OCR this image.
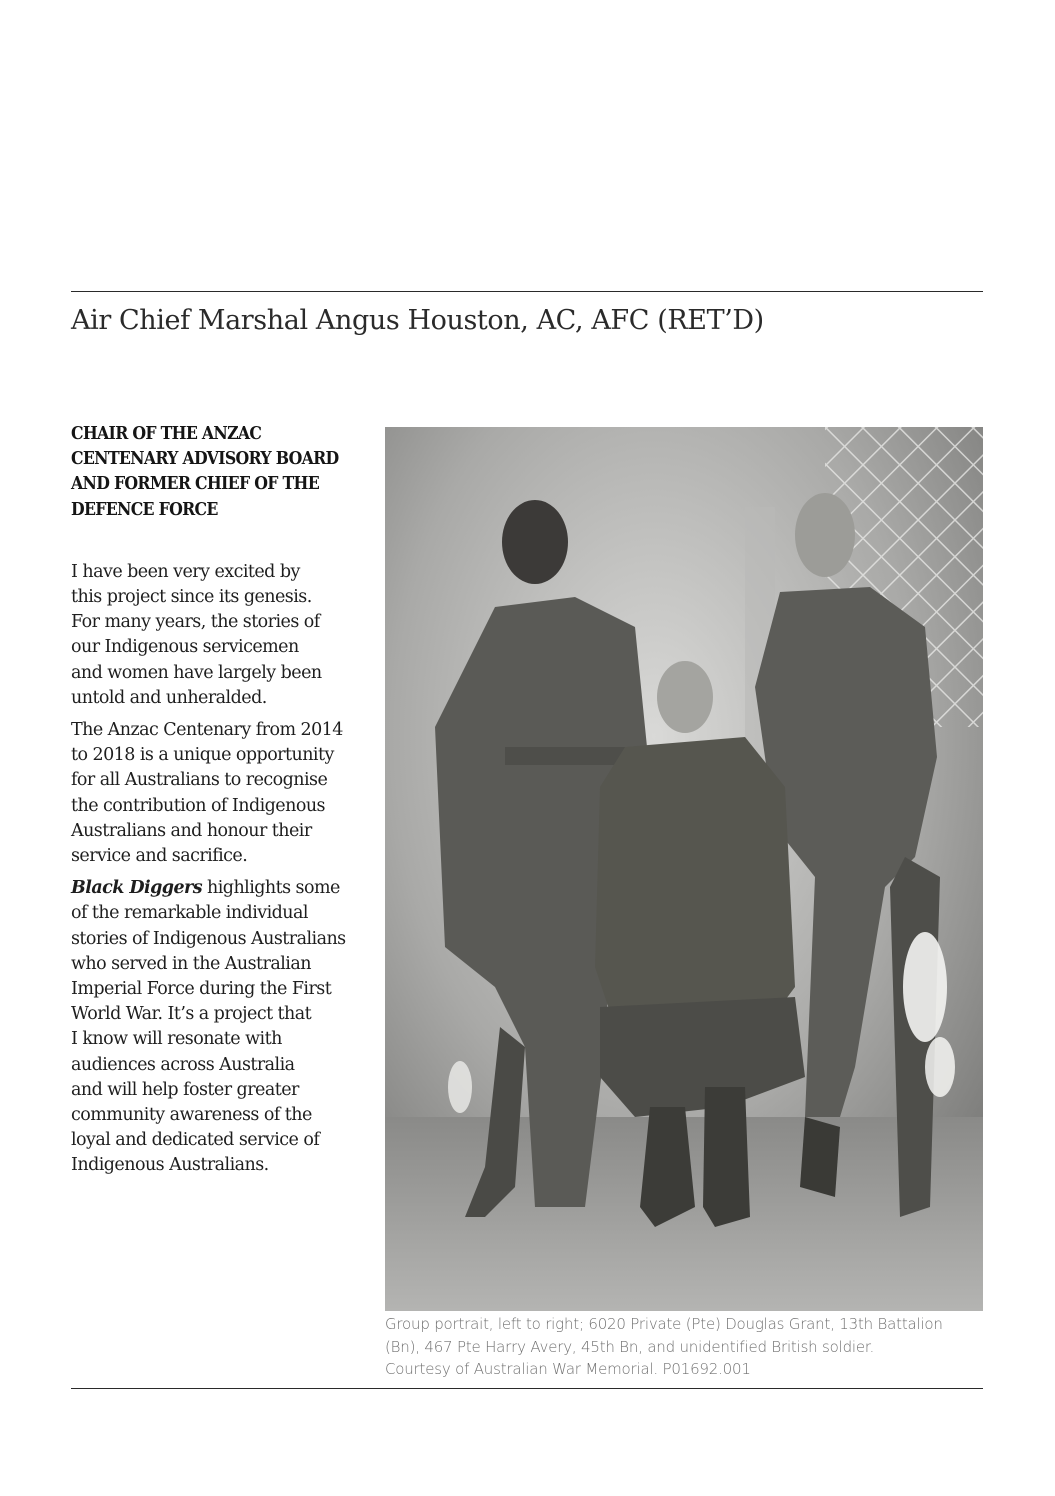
Air Chief Marshal Angus Houston, AC, AFC (RET’D)
CHAIR OF THE ANZAC
CENTENARY ADVISORY BOARD
AND FORMER CHIEF OF THE
DEFENCE FORCE

I have been very excited by
this project since its genesis.
For many years, the stories of
our Indigenous servicemen
and women have largely been
untold and unheralded.

The Anzac Centenary from 2014
to 2018 is a unique opportunity
for all Australians to recognise
the contribution of Indigenous
Australians and honour their
service and sacrifice.

Black Diggers highlights some
of the remarkable individual
stories of Indigenous Australians
who served in the Australian
Imperial Force during the First
World War. It’s a project that
I know will resonate with
audiences across Australia
and will help foster greater
community awareness of the
loyal and dedicated service of
Indigenous Australians.

Group portrait, left to right; 6020 Private (Pte) Douglas Grant, 13th Battalion
(Bn), 467 Pte Harry Avery, 45th Bn, and unidentified British soldier.
Courtesy of Australian War Memorial. P01692.001
